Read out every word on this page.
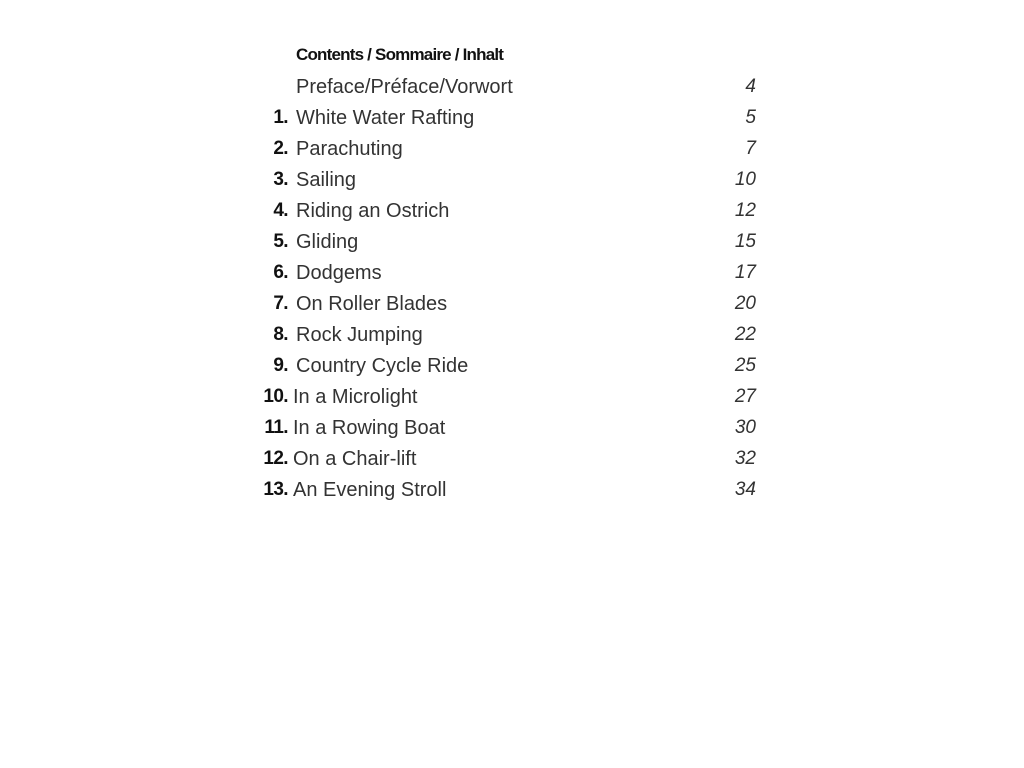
Contents / Sommaire / Inhalt
Preface/Préface/Vorwort	4
1. White Water Rafting	5
2. Parachuting	7
3. Sailing	10
4. Riding an Ostrich	12
5. Gliding	15
6. Dodgems	17
7. On Roller Blades	20
8. Rock Jumping	22
9. Country Cycle Ride	25
10. In a Microlight	27
11. In a Rowing Boat	30
12. On a Chair-lift	32
13. An Evening Stroll	34
